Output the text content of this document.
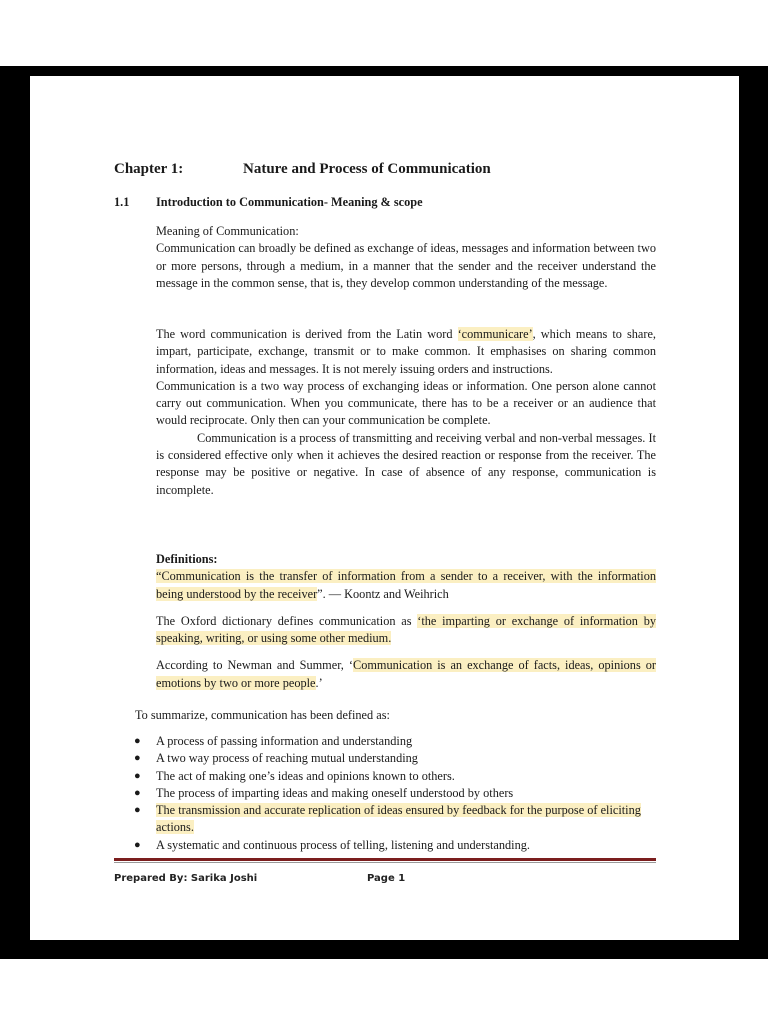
Chapter 1:	Nature and Process of Communication
1.1 Introduction to Communication- Meaning & scope

Meaning of Communication:

Communication can broadly be defined as exchange of ideas, messages and information between two or more persons, through a medium, in a manner that the sender and the receiver understand the message in the common sense, that is, they develop common understanding of the message.

The word communication is derived from the Latin word ‘communicare’, which means to share, impart, participate, exchange, transmit or to make common. It emphasises on sharing common information, ideas and messages. It is not merely issuing orders and instructions.

Communication is a two way process of exchanging ideas or information. One person alone cannot carry out communication. When you communicate, there has to be a receiver or an audience that would reciprocate. Only then can your communication be complete.

Communication is a process of transmitting and receiving verbal and non-verbal messages. It is considered effective only when it achieves the desired reaction or response from the receiver. The response may be positive or negative. In case of absence of any response, communication is incomplete.

Definitions:

“Communication is the transfer of information from a sender to a receiver, with the information being understood by the receiver”. — Koontz and Weihrich

The Oxford dictionary defines communication as ‘the imparting or exchange of information by speaking, writing, or using some other medium.

According to Newman and Summer, ‘Communication is an exchange of facts, ideas, opinions or emotions by two or more people.’

To summarize, communication has been defined as:
● A process of passing information and understanding
● A two way process of reaching mutual understanding
● The act of making one’s ideas and opinions known to others.
● The process of imparting ideas and making oneself understood by others
● The transmission and accurate replication of ideas ensured by feedback for the purpose of eliciting actions.
● A systematic and continuous process of telling, listening and understanding.
Prepared By: Sarika Joshi	Page 1
